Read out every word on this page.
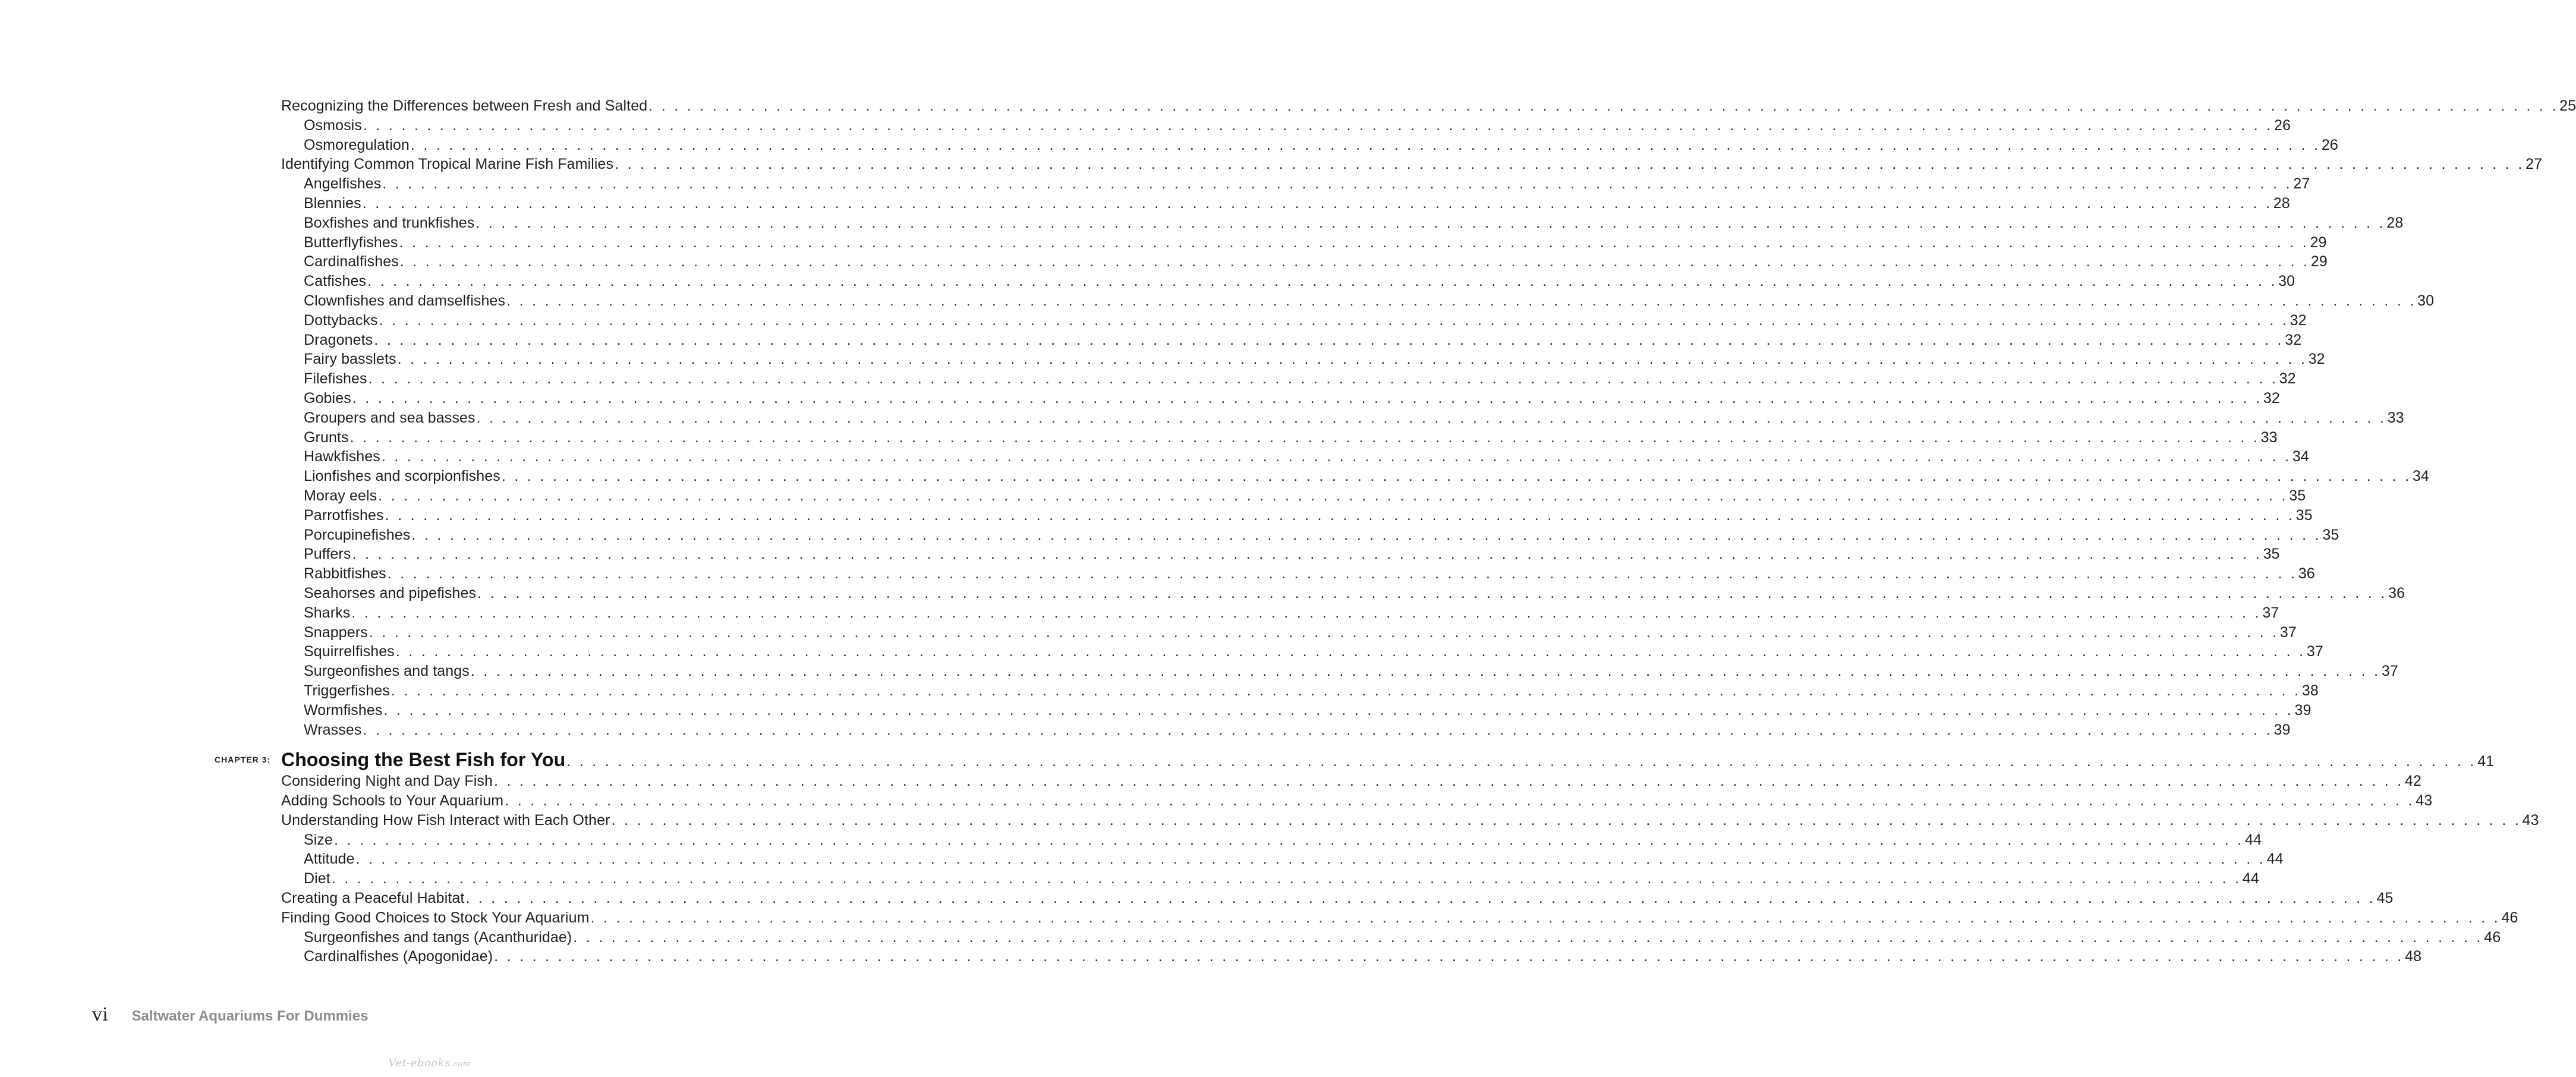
Recognizing the Differences between Fresh and Salted . . . . . . . . . . . . . . . . . . . . . . . . . . . . . . . . . . . . . . . . . . . . . . . . . . . . . . . . . . . . . . . . . . . . . . . . . . . . . . . . . . . . . . . . . . . . . . . . . . . . . . . . . . . . . . . . . . . . . . . . . . . . . . . . . . . . . . . . . . . . . . . . . . . . . . 25
Osmosis . . . . . . . . . . . . . . . . . . . . . . . . . . . . . . . . . . . . . . . . . . . . . . . . . . . . . . . . . . . . . . . . . . . . . . . . . . . . . . . . . . . . . . . . . . . . . . . . . . . . . . . . . . . . . . . . . . . . . . . . . . . . . . . . . . . . . . . . . . . . . . . . . . . . . . 26
Osmoregulation . . . . . . . . . . . . . . . . . . . . . . . . . . . . . . . . . . . . . . . . . . . . . . . . . . . . . . . . . . . . . . . . . . . . . . . . . . . . . . . . . . . . . . . . . . . . . . . . . . . . . . . . . . . . . . . . . . . . . . . . . . . . . . . . . . . . . . . . . . . . . . . . . . . . . . 26
Identifying Common Tropical Marine Fish Families . . . . . . . . . . . . . . . . . . . . . . . . . . . . . . . . . . . . . . . . . . . . . . . . . . . . . . . . . . . . . . . . . . . . . . . . . . . . . . . . . . . . . . . . . . . . . . . . . . . . . . . . . . . . . . . . . . . . . . . . . . . . . . . . . . . . . . . . . . . . . . . . . . . . . . 27
Angelfishes . . . . . . . . . . . . . . . . . . . . . . . . . . . . . . . . . . . . . . . . . . . . . . . . . . . . . . . . . . . . . . . . . . . . . . . . . . . . . . . . . . . . . . . . . . . . . . . . . . . . . . . . . . . . . . . . . . . . . . . . . . . . . . . . . . . . . . . . . . . . . . . . . . . . . . 27
Blennies . . . . . . . . . . . . . . . . . . . . . . . . . . . . . . . . . . . . . . . . . . . . . . . . . . . . . . . . . . . . . . . . . . . . . . . . . . . . . . . . . . . . . . . . . . . . . . . . . . . . . . . . . . . . . . . . . . . . . . . . . . . . . . . . . . . . . . . . . . . . . . . . . . . . . . 28
Boxfishes and trunkfishes . . . . . . . . . . . . . . . . . . . . . . . . . . . . . . . . . . . . . . . . . . . . . . . . . . . . . . . . . . . . . . . . . . . . . . . . . . . . . . . . . . . . . . . . . . . . . . . . . . . . . . . . . . . . . . . . . . . . . . . . . . . . . . . . . . . . . . . . . . . . . . . . . . . . . . 28
Butterflyfishes . . . . . . . . . . . . . . . . . . . . . . . . . . . . . . . . . . . . . . . . . . . . . . . . . . . . . . . . . . . . . . . . . . . . . . . . . . . . . . . . . . . . . . . . . . . . . . . . . . . . . . . . . . . . . . . . . . . . . . . . . . . . . . . . . . . . . . . . . . . . . . . . . . . . . . 29
Cardinalfishes . . . . . . . . . . . . . . . . . . . . . . . . . . . . . . . . . . . . . . . . . . . . . . . . . . . . . . . . . . . . . . . . . . . . . . . . . . . . . . . . . . . . . . . . . . . . . . . . . . . . . . . . . . . . . . . . . . . . . . . . . . . . . . . . . . . . . . . . . . . . . . . . . . . . . . 29
Catfishes . . . . . . . . . . . . . . . . . . . . . . . . . . . . . . . . . . . . . . . . . . . . . . . . . . . . . . . . . . . . . . . . . . . . . . . . . . . . . . . . . . . . . . . . . . . . . . . . . . . . . . . . . . . . . . . . . . . . . . . . . . . . . . . . . . . . . . . . . . . . . . . . . . . . . . 30
Clownfishes and damselfishes . . . . . . . . . . . . . . . . . . . . . . . . . . . . . . . . . . . . . . . . . . . . . . . . . . . . . . . . . . . . . . . . . . . . . . . . . . . . . . . . . . . . . . . . . . . . . . . . . . . . . . . . . . . . . . . . . . . . . . . . . . . . . . . . . . . . . . . . . . . . . . . . . . . . . . 30
Dottybacks . . . . . . . . . . . . . . . . . . . . . . . . . . . . . . . . . . . . . . . . . . . . . . . . . . . . . . . . . . . . . . . . . . . . . . . . . . . . . . . . . . . . . . . . . . . . . . . . . . . . . . . . . . . . . . . . . . . . . . . . . . . . . . . . . . . . . . . . . . . . . . . . . . . . . . 32
Dragonets . . . . . . . . . . . . . . . . . . . . . . . . . . . . . . . . . . . . . . . . . . . . . . . . . . . . . . . . . . . . . . . . . . . . . . . . . . . . . . . . . . . . . . . . . . . . . . . . . . . . . . . . . . . . . . . . . . . . . . . . . . . . . . . . . . . . . . . . . . . . . . . . . . . . . . 32
Fairy basslets . . . . . . . . . . . . . . . . . . . . . . . . . . . . . . . . . . . . . . . . . . . . . . . . . . . . . . . . . . . . . . . . . . . . . . . . . . . . . . . . . . . . . . . . . . . . . . . . . . . . . . . . . . . . . . . . . . . . . . . . . . . . . . . . . . . . . . . . . . . . . . . . . . . . . . 32
Filefishes . . . . . . . . . . . . . . . . . . . . . . . . . . . . . . . . . . . . . . . . . . . . . . . . . . . . . . . . . . . . . . . . . . . . . . . . . . . . . . . . . . . . . . . . . . . . . . . . . . . . . . . . . . . . . . . . . . . . . . . . . . . . . . . . . . . . . . . . . . . . . . . . . . . . . . 32
Gobies . . . . . . . . . . . . . . . . . . . . . . . . . . . . . . . . . . . . . . . . . . . . . . . . . . . . . . . . . . . . . . . . . . . . . . . . . . . . . . . . . . . . . . . . . . . . . . . . . . . . . . . . . . . . . . . . . . . . . . . . . . . . . . . . . . . . . . . . . . . . . . . . . . . . . . 32
Groupers and sea basses . . . . . . . . . . . . . . . . . . . . . . . . . . . . . . . . . . . . . . . . . . . . . . . . . . . . . . . . . . . . . . . . . . . . . . . . . . . . . . . . . . . . . . . . . . . . . . . . . . . . . . . . . . . . . . . . . . . . . . . . . . . . . . . . . . . . . . . . . . . . . . . . . . . . . . 33
Grunts . . . . . . . . . . . . . . . . . . . . . . . . . . . . . . . . . . . . . . . . . . . . . . . . . . . . . . . . . . . . . . . . . . . . . . . . . . . . . . . . . . . . . . . . . . . . . . . . . . . . . . . . . . . . . . . . . . . . . . . . . . . . . . . . . . . . . . . . . . . . . . . . . . . . . . 33
Hawkfishes . . . . . . . . . . . . . . . . . . . . . . . . . . . . . . . . . . . . . . . . . . . . . . . . . . . . . . . . . . . . . . . . . . . . . . . . . . . . . . . . . . . . . . . . . . . . . . . . . . . . . . . . . . . . . . . . . . . . . . . . . . . . . . . . . . . . . . . . . . . . . . . . . . . . . . 34
Lionfishes and scorpionfishes . . . . . . . . . . . . . . . . . . . . . . . . . . . . . . . . . . . . . . . . . . . . . . . . . . . . . . . . . . . . . . . . . . . . . . . . . . . . . . . . . . . . . . . . . . . . . . . . . . . . . . . . . . . . . . . . . . . . . . . . . . . . . . . . . . . . . . . . . . . . . . . . . . . . . . 34
Moray eels . . . . . . . . . . . . . . . . . . . . . . . . . . . . . . . . . . . . . . . . . . . . . . . . . . . . . . . . . . . . . . . . . . . . . . . . . . . . . . . . . . . . . . . . . . . . . . . . . . . . . . . . . . . . . . . . . . . . . . . . . . . . . . . . . . . . . . . . . . . . . . . . . . . . . . 35
Parrotfishes . . . . . . . . . . . . . . . . . . . . . . . . . . . . . . . . . . . . . . . . . . . . . . . . . . . . . . . . . . . . . . . . . . . . . . . . . . . . . . . . . . . . . . . . . . . . . . . . . . . . . . . . . . . . . . . . . . . . . . . . . . . . . . . . . . . . . . . . . . . . . . . . . . . . . . 35
Porcupinefishes . . . . . . . . . . . . . . . . . . . . . . . . . . . . . . . . . . . . . . . . . . . . . . . . . . . . . . . . . . . . . . . . . . . . . . . . . . . . . . . . . . . . . . . . . . . . . . . . . . . . . . . . . . . . . . . . . . . . . . . . . . . . . . . . . . . . . . . . . . . . . . . . . . . . . . 35
Puffers . . . . . . . . . . . . . . . . . . . . . . . . . . . . . . . . . . . . . . . . . . . . . . . . . . . . . . . . . . . . . . . . . . . . . . . . . . . . . . . . . . . . . . . . . . . . . . . . . . . . . . . . . . . . . . . . . . . . . . . . . . . . . . . . . . . . . . . . . . . . . . . . . . . . . . 35
Rabbitfishes . . . . . . . . . . . . . . . . . . . . . . . . . . . . . . . . . . . . . . . . . . . . . . . . . . . . . . . . . . . . . . . . . . . . . . . . . . . . . . . . . . . . . . . . . . . . . . . . . . . . . . . . . . . . . . . . . . . . . . . . . . . . . . . . . . . . . . . . . . . . . . . . . . . . . . 36
Seahorses and pipefishes . . . . . . . . . . . . . . . . . . . . . . . . . . . . . . . . . . . . . . . . . . . . . . . . . . . . . . . . . . . . . . . . . . . . . . . . . . . . . . . . . . . . . . . . . . . . . . . . . . . . . . . . . . . . . . . . . . . . . . . . . . . . . . . . . . . . . . . . . . . . . . . . . . . . . . 36
Sharks . . . . . . . . . . . . . . . . . . . . . . . . . . . . . . . . . . . . . . . . . . . . . . . . . . . . . . . . . . . . . . . . . . . . . . . . . . . . . . . . . . . . . . . . . . . . . . . . . . . . . . . . . . . . . . . . . . . . . . . . . . . . . . . . . . . . . . . . . . . . . . . . . . . . . . 37
Snappers . . . . . . . . . . . . . . . . . . . . . . . . . . . . . . . . . . . . . . . . . . . . . . . . . . . . . . . . . . . . . . . . . . . . . . . . . . . . . . . . . . . . . . . . . . . . . . . . . . . . . . . . . . . . . . . . . . . . . . . . . . . . . . . . . . . . . . . . . . . . . . . . . . . . . . 37
Squirrelfishes . . . . . . . . . . . . . . . . . . . . . . . . . . . . . . . . . . . . . . . . . . . . . . . . . . . . . . . . . . . . . . . . . . . . . . . . . . . . . . . . . . . . . . . . . . . . . . . . . . . . . . . . . . . . . . . . . . . . . . . . . . . . . . . . . . . . . . . . . . . . . . . . . . . . . . 37
Surgeonfishes and tangs . . . . . . . . . . . . . . . . . . . . . . . . . . . . . . . . . . . . . . . . . . . . . . . . . . . . . . . . . . . . . . . . . . . . . . . . . . . . . . . . . . . . . . . . . . . . . . . . . . . . . . . . . . . . . . . . . . . . . . . . . . . . . . . . . . . . . . . . . . . . . . . . . . . . . . 37
Triggerfishes . . . . . . . . . . . . . . . . . . . . . . . . . . . . . . . . . . . . . . . . . . . . . . . . . . . . . . . . . . . . . . . . . . . . . . . . . . . . . . . . . . . . . . . . . . . . . . . . . . . . . . . . . . . . . . . . . . . . . . . . . . . . . . . . . . . . . . . . . . . . . . . . . . . . . . 38
Wormfishes . . . . . . . . . . . . . . . . . . . . . . . . . . . . . . . . . . . . . . . . . . . . . . . . . . . . . . . . . . . . . . . . . . . . . . . . . . . . . . . . . . . . . . . . . . . . . . . . . . . . . . . . . . . . . . . . . . . . . . . . . . . . . . . . . . . . . . . . . . . . . . . . . . . . . . 39
Wrasses . . . . . . . . . . . . . . . . . . . . . . . . . . . . . . . . . . . . . . . . . . . . . . . . . . . . . . . . . . . . . . . . . . . . . . . . . . . . . . . . . . . . . . . . . . . . . . . . . . . . . . . . . . . . . . . . . . . . . . . . . . . . . . . . . . . . . . . . . . . . . . . . . . . . . . 39
CHAPTER 3: Choosing the Best Fish for You . . . . . . . . . . . . . . . . . . . . . . . . . . . . . . . . . . . . . . . . . . . . . . . . . . . . . . . . . . . . . . . . . . . . . . . . . . . . . . . . . . . . . . . . . . . . . . . . . . . . . . . . . . . . . . . . . . . . . . . . . . . . . . . . . . . . . . . . . . . . . . . . . . . . . . 41
Considering Night and Day Fish . . . . . . . . . . . . . . . . . . . . . . . . . . . . . . . . . . . . . . . . . . . . . . . . . . . . . . . . . . . . . . . . . . . . . . . . . . . . . . . . . . . . . . . . . . . . . . . . . . . . . . . . . . . . . . . . . . . . . . . . . . . . . . . . . . . . . . . . . . . . . . . . . . . . . . 42
Adding Schools to Your Aquarium . . . . . . . . . . . . . . . . . . . . . . . . . . . . . . . . . . . . . . . . . . . . . . . . . . . . . . . . . . . . . . . . . . . . . . . . . . . . . . . . . . . . . . . . . . . . . . . . . . . . . . . . . . . . . . . . . . . . . . . . . . . . . . . . . . . . . . . . . . . . . . . . . . . . . . 43
Understanding How Fish Interact with Each Other . . . . . . . . . . . . . . . . . . . . . . . . . . . . . . . . . . . . . . . . . . . . . . . . . . . . . . . . . . . . . . . . . . . . . . . . . . . . . . . . . . . . . . . . . . . . . . . . . . . . . . . . . . . . . . . . . . . . . . . . . . . . . . . . . . . . . . . . . . . . . . . . . . . . . . 43
Size . . . . . . . . . . . . . . . . . . . . . . . . . . . . . . . . . . . . . . . . . . . . . . . . . . . . . . . . . . . . . . . . . . . . . . . . . . . . . . . . . . . . . . . . . . . . . . . . . . . . . . . . . . . . . . . . . . . . . . . . . . . . . . . . . . . . . . . . . . . . . . . . . . . . . . 44
Attitude . . . . . . . . . . . . . . . . . . . . . . . . . . . . . . . . . . . . . . . . . . . . . . . . . . . . . . . . . . . . . . . . . . . . . . . . . . . . . . . . . . . . . . . . . . . . . . . . . . . . . . . . . . . . . . . . . . . . . . . . . . . . . . . . . . . . . . . . . . . . . . . . . . . . . . 44
Diet . . . . . . . . . . . . . . . . . . . . . . . . . . . . . . . . . . . . . . . . . . . . . . . . . . . . . . . . . . . . . . . . . . . . . . . . . . . . . . . . . . . . . . . . . . . . . . . . . . . . . . . . . . . . . . . . . . . . . . . . . . . . . . . . . . . . . . . . . . . . . . . . . . . . . . 44
Creating a Peaceful Habitat . . . . . . . . . . . . . . . . . . . . . . . . . . . . . . . . . . . . . . . . . . . . . . . . . . . . . . . . . . . . . . . . . . . . . . . . . . . . . . . . . . . . . . . . . . . . . . . . . . . . . . . . . . . . . . . . . . . . . . . . . . . . . . . . . . . . . . . . . . . . . . . . . . . . . . 45
Finding Good Choices to Stock Your Aquarium . . . . . . . . . . . . . . . . . . . . . . . . . . . . . . . . . . . . . . . . . . . . . . . . . . . . . . . . . . . . . . . . . . . . . . . . . . . . . . . . . . . . . . . . . . . . . . . . . . . . . . . . . . . . . . . . . . . . . . . . . . . . . . . . . . . . . . . . . . . . . . . . . . . . . . 46
Surgeonfishes and tangs (Acanthuridae) . . . . . . . . . . . . . . . . . . . . . . . . . . . . . . . . . . . . . . . . . . . . . . . . . . . . . . . . . . . . . . . . . . . . . . . . . . . . . . . . . . . . . . . . . . . . . . . . . . . . . . . . . . . . . . . . . . . . . . . . . . . . . . . . . . . . . . . . . . . . . . . . . . . . . . 46
Cardinalfishes (Apogonidae) . . . . . . . . . . . . . . . . . . . . . . . . . . . . . . . . . . . . . . . . . . . . . . . . . . . . . . . . . . . . . . . . . . . . . . . . . . . . . . . . . . . . . . . . . . . . . . . . . . . . . . . . . . . . . . . . . . . . . . . . . . . . . . . . . . . . . . . . . . . . . . . . . . . . . . 48
vi Saltwater Aquariums For Dummies
Vet-ebooks.com
